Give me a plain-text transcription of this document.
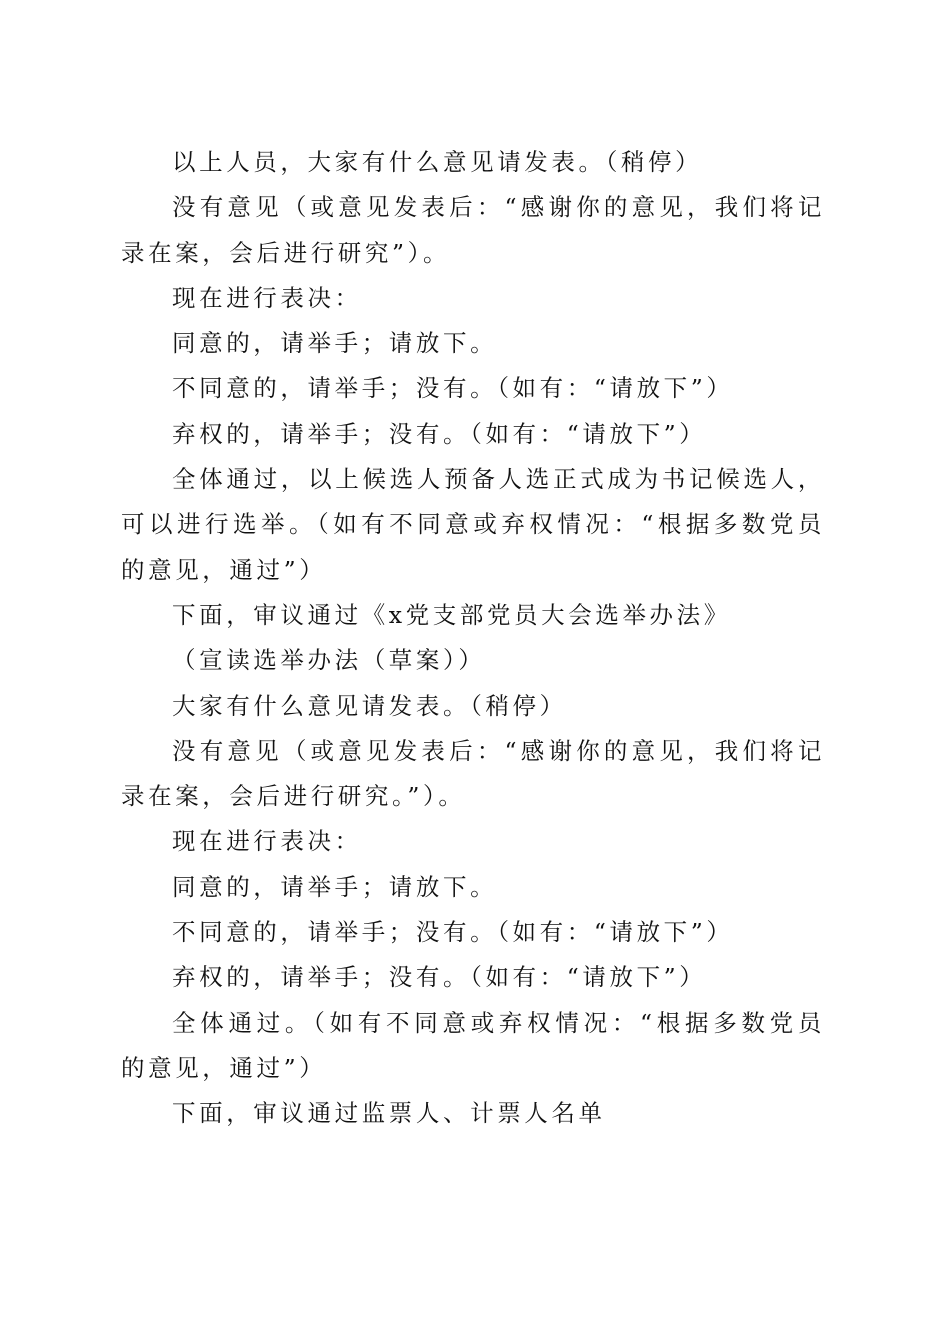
以上人员，大家有什么意见请发表。（稍停）

没有意见（或意见发表后：“感谢你的意见，我们将记录在案，会后进行研究”）。

现在进行表决：

同意的，请举手；请放下。

不同意的，请举手；没有。（如有：“请放下”）

弃权的，请举手；没有。（如有：“请放下”）

全体通过，以上候选人预备人选正式成为书记候选人，可以进行选举。（如有不同意或弃权情况：“根据多数党员的意见，通过”）

下面，审议通过《x党支部党员大会选举办法》

（宣读选举办法（草案））

大家有什么意见请发表。（稍停）

没有意见（或意见发表后：“感谢你的意见，我们将记录在案，会后进行研究。”）。

现在进行表决：

同意的，请举手；请放下。

不同意的，请举手；没有。（如有：“请放下”）

弃权的，请举手；没有。（如有：“请放下”）

全体通过。（如有不同意或弃权情况：“根据多数党员的意见，通过”）

下面，审议通过监票人、计票人名单
